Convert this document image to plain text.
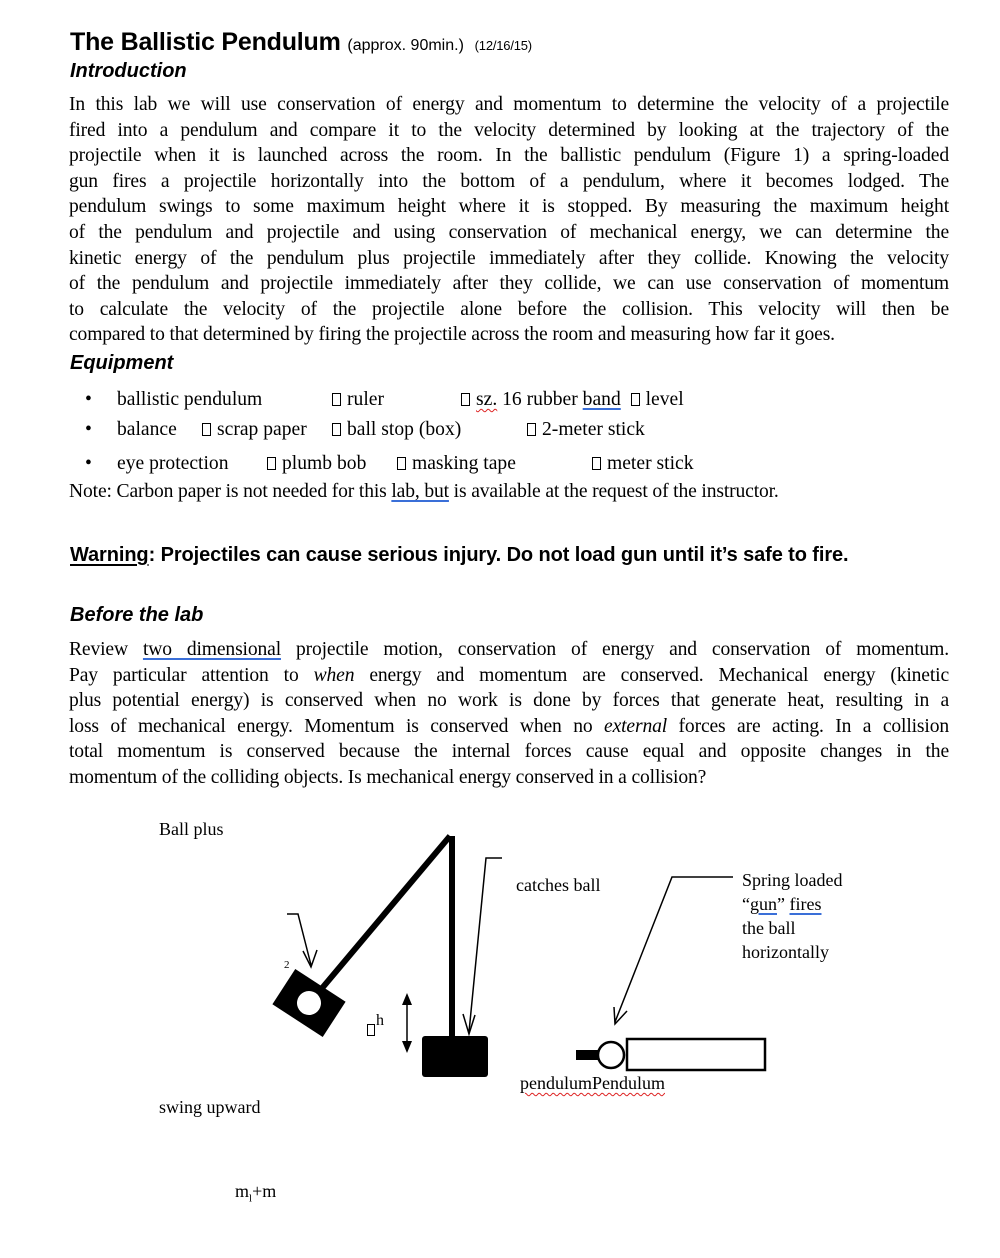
The Ballistic Pendulum (approx. 90min.) (12/16/15)
Introduction
In this lab we will use conservation of energy and momentum to determine the velocity of a projectile
fired into a pendulum and compare it to the velocity determined by looking at the trajectory of the
projectile when it is launched across the room. In the ballistic pendulum (Figure 1) a spring-loaded
gun fires a projectile horizontally into the bottom of a pendulum, where it becomes lodged. The
pendulum swings to some maximum height where it is stopped. By measuring the maximum height
of the pendulum and projectile and using conservation of mechanical energy, we can determine the
kinetic energy of the pendulum plus projectile immediately after they collide. Knowing the velocity
of the pendulum and projectile immediately after they collide, we can use conservation of momentum
to calculate the velocity of the projectile alone before the collision. This velocity will then be
compared to that determined by firing the projectile across the room and measuring how far it goes.
Equipment
• ballistic pendulum	ruler	sz. 16 rubber band level
• balance	scrap paper	ball stop (box)	2-meter stick
• eye protection	plumb bob	masking tape	meter stick
Note: Carbon paper is not needed for this lab, but is available at the request of the instructor.
Warning: Projectiles can cause serious injury. Do not load gun until it’s safe to fire.
Before the lab
Review two dimensional projectile motion, conservation of energy and conservation of momentum.
Pay particular attention to when energy and momentum are conserved. Mechanical energy (kinetic
plus potential energy) is conserved when no work is done by forces that generate heat, resulting in a
loss of mechanical energy. Momentum is conserved when no external forces are acting. In a collision
total momentum is conserved because the internal forces cause equal and opposite changes in the
momentum of the colliding objects. Is mechanical energy conserved in a collision?
Ball plus
2
$^h$
catches ball	Spring loaded
“gun” fires
the ball
horizontally
pendulumPendulum
swing upward
$m_l+m$
